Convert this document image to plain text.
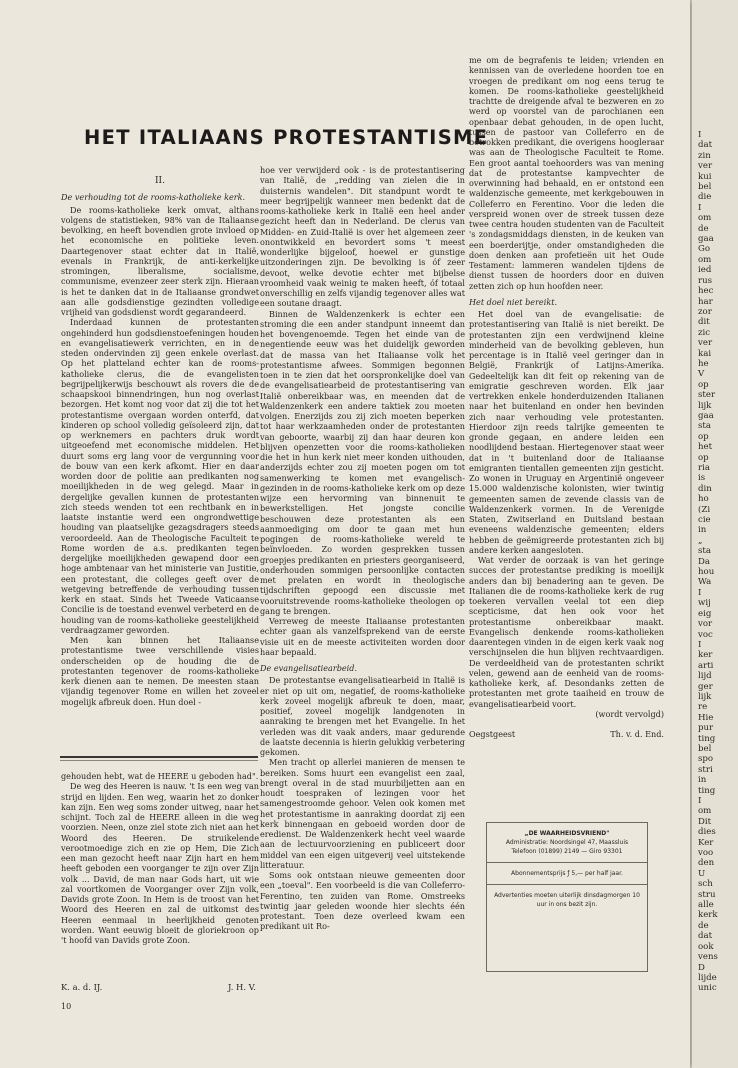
HET ITALIAANS PROTESTANTISME

II.

De verhouding tot de rooms-katholieke kerk.

De rooms-katholieke kerk omvat, althans volgens de statistieken, 98% van de Italiaanse bevolking, en heeft bovendien grote invloed op het economische en politieke leven. Daartegenover staat echter dat in Italië, evenals in Frankrijk, de anti-kerkelijke stromingen, liberalisme, socialisme, communisme, evenzeer zeer sterk zijn. Hieraan is het te danken dat in de Italiaanse grondwet aan alle godsdienstige gezindten volledige vrijheid van godsdienst wordt gegarandeerd.

Inderdaad kunnen de protestanten ongehinderd hun godsdienstoefeningen houden en evangelisatiewerk verrichten, en in de steden ondervinden zij geen enkele overlast. Op het platteland echter kan de rooms-katholieke clerus, die de evangelisten begrijpelijkerwijs beschouwt als rovers die de schaapskooi binnendringen, hun nog overlast bezorgen. Het komt nog voor dat zij die tot het protestantisme overgaan worden onterfd, dat kinderen op school volledig geïsoleerd zijn, dat op werknemers en pachters druk wordt uitgeoefend met economische middelen. Het duurt soms erg lang voor de vergunning voor de bouw van een kerk afkomt. Hier en daar worden door de politie aan predikanten nog moeilijkheden in de weg gelegd. Maar in dergelijke gevallen kunnen de protestanten zich steeds wenden tot een rechtbank en in laatste instantie werd een ongrondwettige houding van plaatselijke gezagsdragers steeds veroordeeld. Aan de Theologische Faculteit te Rome worden de a.s. predikanten tegen dergelijke moeilijkheden gewapend door een hoge ambtenaar van het ministerie van Justitie, een protestant, die colleges geeft over de wetgeving betreffende de verhouding tussen kerk en staat. Sinds het Tweede Vaticaanse Concilie is de toestand evenwel verbeterd en de houding van de rooms-katholieke geestelijkheid verdraagzamer geworden.

Men kan binnen het Italiaanse protestantisme twee verschillende visies onderscheiden op de houding die de protestanten tegenover de rooms-katholieke kerk dienen aan te nemen. De meesten staan vijandig tegenover Rome en willen het zoveel mogelijk afbreuk doen. Hun doel -

gehouden hebt, wat de HEERE u geboden had".

De weg des Heeren is nauw. 't Is een weg van strijd en lijden. Een weg, waarin het zo donker kan zijn. Een weg soms zonder uitweg, naar het schijnt. Toch zal de HEERE alleen in die weg voorzien. Neen, onze ziel stote zich niet aan het Woord des Heeren. De struikelende verootmoedige zich en zie op Hem, Die Zich een man gezocht heeft naar Zijn hart en hem heeft geboden een voorganger te zijn over Zijn volk ... David, de man naar Gods hart, uit wie zal voortkomen de Voorganger over Zijn volk, Davids grote Zoon. In Hem is de troost van het Woord des Heeren en zal de uitkomst des Heeren eenmaal in heerlijkheid genoten worden. Want eeuwig bloeit de gloriekroon op 't hoofd van Davids grote Zoon.

K. a. d. IJ.	J. H. V.
10

hoe ver verwijderd ook - is de protestantisering van Italië, de „redding van zielen die in duisternis wandelen". Dit standpunt wordt te meer begrijpelijk wanneer men bedenkt dat de rooms-katholieke kerk in Italië een heel ander gezicht heeft dan in Nederland. De clerus van Midden- en Zuid-Italië is over het algemeen zeer onontwikkeld en bevordert soms 't meest wonderlijke bijgeloof, hoewel er gunstige uitzonderingen zijn. De bevolking is óf zeer devoot, welke devotie echter met bijbelse vroomheid vaak weinig te maken heeft, óf totaal onverschillig en zelfs vijandig tegenover alles wat een soutane draagt.

Binnen de Waldenzenkerk is echter een stroming die een ander standpunt inneemt dan het bovengenoemde. Tegen het einde van de negentiende eeuw was het duidelijk geworden dat de massa van het Italiaanse volk het protestantisme afwees. Sommigen begonnen toen in te zien dat het oorspronkelijke doel van de evangelisatiearbeid de protestantisering van Italië onbereikbaar was, en meenden dat de Waldenzenkerk een andere taktiek zou moeten volgen. Enerzijds zou zij zich moeten beperken tot haar werkzaamheden onder de protestanten van geboorte, waarbij zij dan haar deuren kon blijven openzetten voor die rooms-katholieken die het in hun kerk niet meer konden uithouden, anderzijds echter zou zij moeten pogen om tot samenwerking te komen met evangelisch-gezinden in de rooms-katholieke kerk om op deze wijze een hervorming van binnenuit te bewerkstelligen. Het jongste concilie beschouwen deze protestanten als een aanmoediging om door te gaan met hun pogingen de rooms-katholieke wereld te beïnvloeden. Zo worden gesprekken tussen groepjes predikanten en priesters georganiseerd, onderhouden sommigen persoonlijke contacten met prelaten en wordt in theologische tijdschriften gepoogd een discussie met vooruitstrevende rooms-katholieke theologen op gang te brengen.

Verreweg de meeste Italiaanse protestanten echter gaan als vanzelfsprekend van de eerste visie uit en de meeste activiteiten worden door haar bepaald.

De evangelisatiearbeid.

De protestantse evangelisatiearbeid in Italië is er niet op uit om, negatief, de rooms-katholieke kerk zoveel mogelijk afbreuk te doen, maar, positief, zoveel mogelijk landgenoten in aanraking te brengen met het Evangelie. In het verleden was dit vaak anders, maar gedurende de laatste decennia is hierin gelukkig verbetering gekomen.

Men tracht op allerlei manieren de mensen te bereiken. Soms huurt een evangelist een zaal, brengt overal in de stad muurbiljetten aan en houdt toespraken of lezingen voor het samengestroomde gehoor. Velen ook komen met het protestantisme in aanraking doordat zij een kerk binnengaan en geboeid worden door de eredienst. De Waldenzenkerk hecht veel waarde aan de lectuurvoorziening en publiceert door middel van een eigen uitgeverij veel uitstekende litteratuur.

Soms ook ontstaan nieuwe gemeenten door een „toeval". Een voorbeeld is die van Colleferro-Ferentino, ten zuiden van Rome. Omstreeks twintig jaar geleden woonde hier slechts één protestant. Toen deze overleed kwam een predikant uit Ro-

me om de begrafenis te leiden; vrienden en kennissen van de overledene hoorden toe en vroegen de predikant om nog eens terug te komen. De rooms-katholieke geestelijkheid trachtte de dreigende afval te bezweren en zo werd op voorstel van de parochianen een openbaar debat gehouden, in de open lucht, tussen de pastoor van Colleferro en de betrokken predikant, die overigens hoogleraar was aan de Theologische Faculteit te Rome. Een groot aantal toehoorders was van mening dat de protestantse kampvechter de overwinning had behaald, en er ontstond een waldenzische gemeente, met kerkgebouwen in Colleferro en Ferentino. Voor die leden die verspreid wonen over de streek tussen deze twee centra houden studenten van de Faculteit 's zondagsmiddags diensten, in de keuken van een boerderijtje, onder omstandigheden die doen denken aan profetieën uit het Oude Testament: lammeren wandelen tijdens de dienst tussen de hoorders door en duiven zetten zich op hun hoofden neer.

Het doel niet bereikt.

Het doel van de evangelisatie: de protestantisering van Italië is niet bereikt. De protestanten zijn een verdwijnend kleine minderheid van de bevolking gebleven, hun percentage is in Italië veel geringer dan in België, Frankrijk of Latijns-Amerika. Gedeeltelijk kan dit feit op rekening van de emigratie geschreven worden. Elk jaar vertrekken enkele honderduizenden Italianen naar het buitenland en onder hen bevinden zich naar verhouding vele protestanten. Hierdoor zijn reeds talrijke gemeenten te gronde gegaan, en andere leiden een noodlijdend bestaan. Hiertegenover staat weer dat in 't buitenland door de Italiaanse emigranten tientallen gemeenten zijn gesticht. Zo wonen in Uruguay en Argentinië ongeveer 15.000 waldenzische kolonisten, wier twintig gemeenten samen de zevende classis van de Waldenzenkerk vormen. In de Verenigde Staten, Zwitserland en Duitsland bestaan eveneens waldenzische gemeenten; elders hebben de geëmigreerde protestanten zich bij andere kerken aangesloten.

Wat verder de oorzaak is van het geringe succes der protestantse prediking is moeilijk anders dan bij benadering aan te geven. De Italianen die de rooms-katholieke kerk de rug toekeren vervallen veelal tot een diep scepticisme, dat hen ook voor het protestantisme onbereikbaar maakt. Evangelisch denkende rooms-katholieken daarentegen vinden in de eigen kerk vaak nog verschijnselen die hun blijven rechtvaardigen. De verdeeldheid van de protestanten schrikt velen, gewend aan de eenheid van de rooms-katholieke kerk, af. Desondanks zetten de protestanten met grote taaiheid en trouw de evangelisatiearbeid voort.

(wordt vervolgd)

Oegstgeest	Th. v. d. End.
„DE WAARHEIDSVRIEND"
Administratie: Noordsingel 47, Maassluis
Telefoon (01899) 2149 — Giro 93301
Abonnementsprijs ƒ 5,— per half jaar.
Advertenties moeten uiterlijk dinsdagmorgen 10 uur in ons bezit zijn.
I
dat
zin
ver
kui
bel
die
I
om
de
gaa
Go
om
ied
rus
hec
har
zor
dit
zic
ver
kai
he
V
op
ster
lijk
gaa
sta
op
het
op
ria
is
din
ho
(Zi
cie
in
„
sta
Da
hou
Wa
I
wij
eig
vor
voc
I
ker
arti
lijd
ger
lijk
re
Hie
pur
ting
bel
spo
stri
in
ting
I
om
Dit
dies
Ker
voo
den
U
sch
stru
alle
kerk
de
dat
ook
vens
D
lijde
unic
